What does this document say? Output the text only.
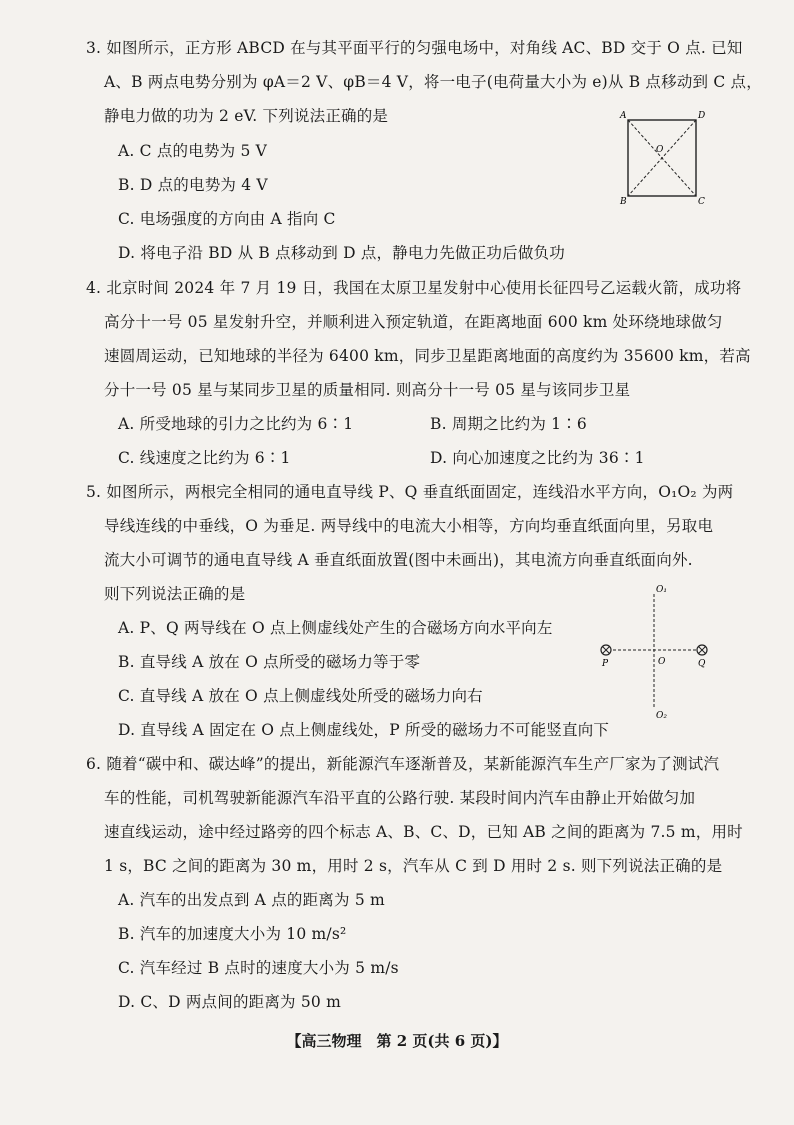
3. 如图所示，正方形 ABCD 在与其平面平行的匀强电场中，对角线 AC、BD 交于 O 点. 已知
A、B 两点电势分别为 φA＝2 V、φB＝4 V，将一电子(电荷量大小为 e)从 B 点移动到 C 点，
静电力做的功为 2 eV. 下列说法正确的是
A. C 点的电势为 5 V
B. D 点的电势为 4 V
C. 电场强度的方向由 A 指向 C
D. 将电子沿 BD 从 B 点移动到 D 点，静电力先做正功后做负功
A	D
O
B	C
4. 北京时间 2024 年 7 月 19 日，我国在太原卫星发射中心使用长征四号乙运载火箭，成功将
高分十一号 05 星发射升空，并顺利进入预定轨道，在距离地面 600 km 处环绕地球做匀
速圆周运动，已知地球的半径为 6400 km，同步卫星距离地面的高度约为 35600 km，若高
分十一号 05 星与某同步卫星的质量相同. 则高分十一号 05 星与该同步卫星
A. 所受地球的引力之比约为 6∶1	B. 周期之比约为 1∶6
C. 线速度之比约为 6∶1	D. 向心加速度之比约为 36∶1
5. 如图所示，两根完全相同的通电直导线 P、Q 垂直纸面固定，连线沿水平方向，O₁O₂ 为两
导线连线的中垂线，O 为垂足. 两导线中的电流大小相等，方向均垂直纸面向里，另取电
流大小可调节的通电直导线 A 垂直纸面放置(图中未画出)，其电流方向垂直纸面向外.
则下列说法正确的是
A. P、Q 两导线在 O 点上侧虚线处产生的合磁场方向水平向左
B. 直导线 A 放在 O 点所受的磁场力等于零
C. 直导线 A 放在 O 点上侧虚线处所受的磁场力向右
D. 直导线 A 固定在 O 点上侧虚线处，P 所受的磁场力不可能竖直向下
O₁
O₂
P	O	Q
6. 随着“碳中和、碳达峰”的提出，新能源汽车逐渐普及，某新能源汽车生产厂家为了测试汽
车的性能，司机驾驶新能源汽车沿平直的公路行驶. 某段时间内汽车由静止开始做匀加
速直线运动，途中经过路旁的四个标志 A、B、C、D，已知 AB 之间的距离为 7.5 m，用时
1 s，BC 之间的距离为 30 m，用时 2 s，汽车从 C 到 D 用时 2 s. 则下列说法正确的是
A. 汽车的出发点到 A 点的距离为 5 m
B. 汽车的加速度大小为 10 m/s²
C. 汽车经过 B 点时的速度大小为 5 m/s
D. C、D 两点间的距离为 50 m
【高三物理　第 2 页(共 6 页)】
